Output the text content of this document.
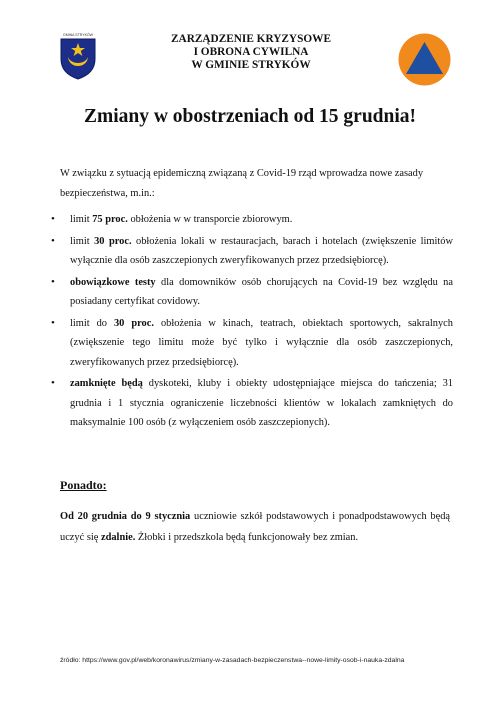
GMINA STRYKÓW	ZARZĄDZENIE KRYZYSOWE
I OBRONA CYWILNA
W GMINIE STRYKÓW
Zmiany w obostrzeniach od 15 grudnia!
W związku z sytuacją epidemiczną związaną z Covid-19 rząd wprowadza nowe zasady bezpieczeństwa, m.in.:
• limit 75 proc. obłożenia w w transporcie zbiorowym.
• limit 30 proc. obłożenia lokali w restauracjach, barach i hotelach (zwiększenie limitów wyłącznie dla osób zaszczepionych zweryfikowanych przez przedsiębiorcę).
• obowiązkowe testy dla domowników osób chorujących na Covid-19 bez względu na posiadany certyfikat covidowy.
• limit do 30 proc. obłożenia w kinach, teatrach, obiektach sportowych, sakralnych (zwiększenie tego limitu może być tylko i wyłącznie dla osób zaszczepionych, zweryfikowanych przez przedsiębiorcę).
• zamknięte będą dyskoteki, kluby i obiekty udostępniające miejsca do tańczenia; 31 grudnia i 1 stycznia ograniczenie liczebności klientów w lokalach zamkniętych do maksymalnie 100 osób (z wyłączeniem osób zaszczepionych).
Ponadto:
Od 20 grudnia do 9 stycznia uczniowie szkół podstawowych i ponadpodstawowych będą uczyć się zdalnie. Żłobki i przedszkola będą funkcjonowały bez zmian.
źródło: https://www.gov.pl/web/koronawirus/zmiany-w-zasadach-bezpieczenstwa--nowe-limity-osob-i-nauka-zdalna
